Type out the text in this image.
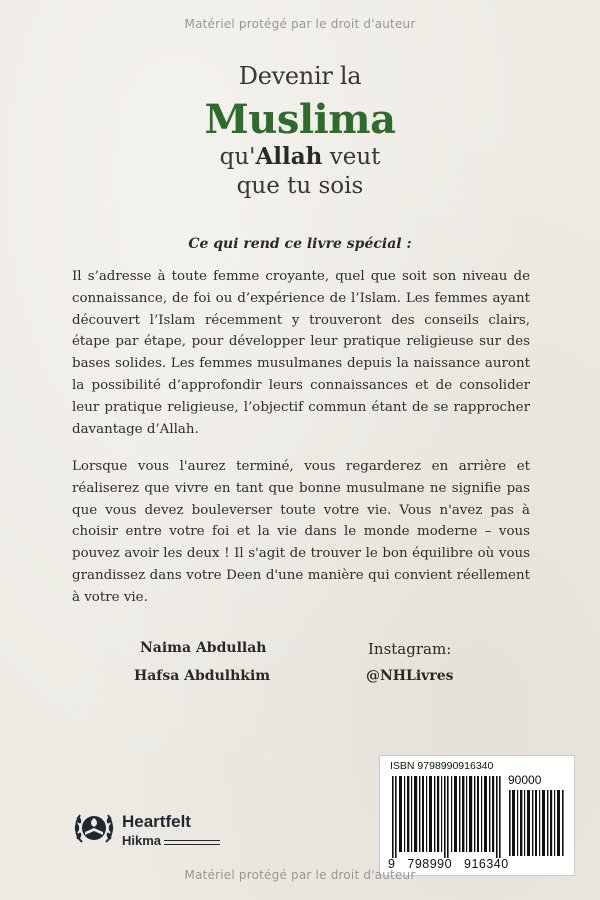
Matériel protégé par le droit d'auteur
Devenir la
Muslima
qu'Allah veut
que tu sois
Ce qui rend ce livre spécial :

Il s’adresse à toute femme croyante, quel que soit son niveau de connaissance, de foi ou d’expérience de l’Islam. Les femmes ayant découvert l’Islam récemment y trouveront des conseils clairs, étape par étape, pour développer leur pratique religieuse sur des bases solides. Les femmes musulmanes depuis la naissance auront la possibilité d’approfondir leurs connaissances et de consolider leur pratique religieuse, l’objectif commun étant de se rapprocher davantage d’Allah.

Lorsque vous l'aurez terminé, vous regarderez en arrière et réaliserez que vivre en tant que bonne musulmane ne signifie pas que vous devez bouleverser toute votre vie. Vous n'avez pas à choisir entre votre foi et la vie dans le monde moderne – vous pouvez avoir les deux ! Il s'agit de trouver le bon équilibre où vous grandissez dans votre Deen d'une manière qui convient réellement à votre vie.

Naima Abdullah
Hafsa Abdulhkim
Instagram:
@NHLivres
Heartfelt
Hikma
ISBN 9798990916340
90000
9   798990   916340
Matériel protégé par le droit d'auteur
